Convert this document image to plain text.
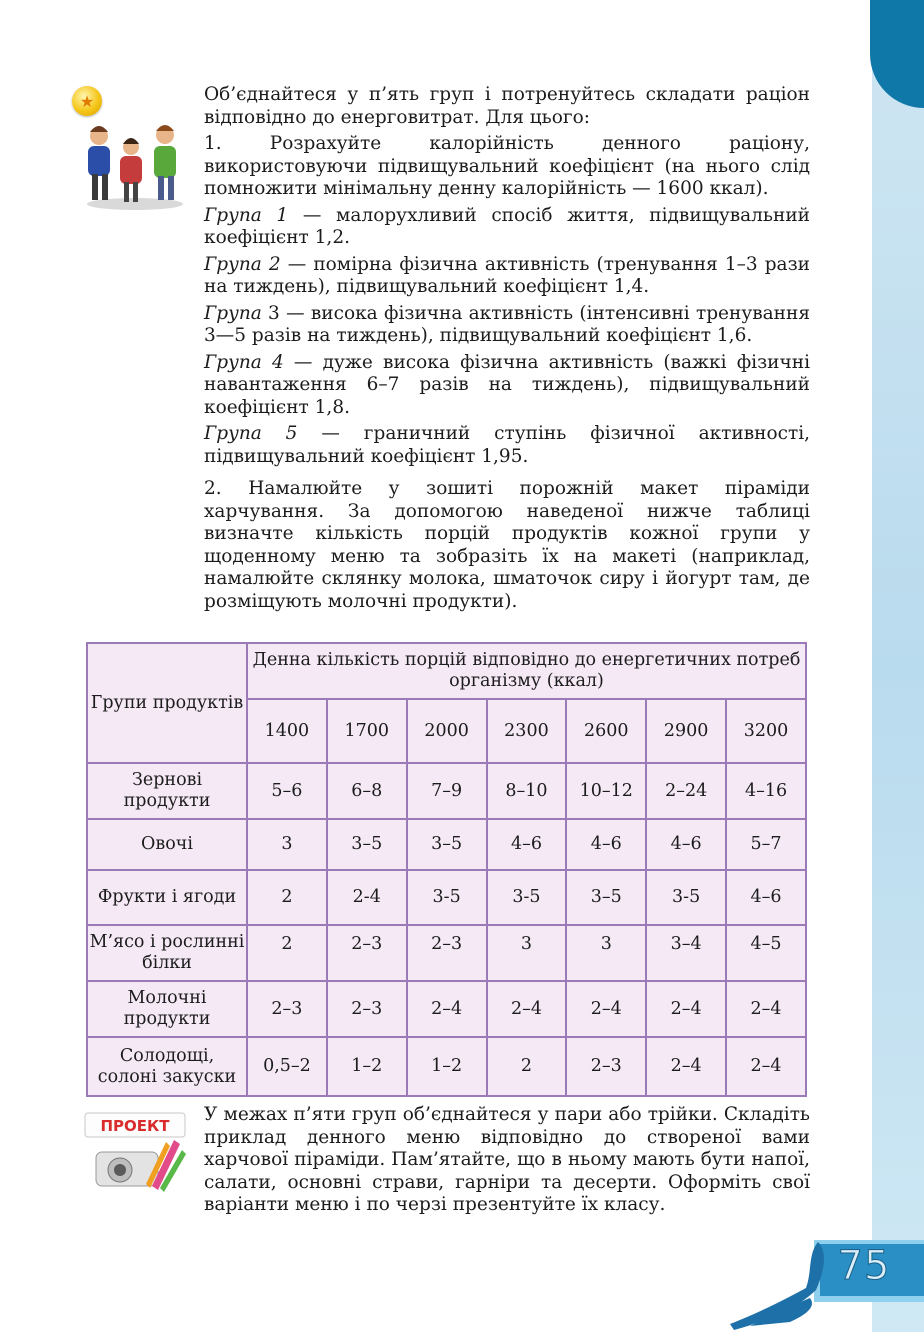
★	Об’єднайтеся у п’ять груп і потренуйтесь складати раціон відповідно до енерговитрат. Для цього:

1. Розрахуйте калорійність денного раціону, використовуючи підвищувальний коефіцієнт (на нього слід помножити мінімальну денну калорійність — 1600 ккал).

Група 1 — малорухливий спосіб життя, підвищувальний коефіцієнт 1,2.

Група 2 — помірна фізична активність (тренування 1–3 рази на тиждень), підвищувальний коефіцієнт 1,4.

Група 3 — висока фізична активність (інтенсивні тренування 3—5 разів на тиждень), підвищувальний коефіцієнт 1,6.

Група 4 — дуже висока фізична активність (важкі фізичні навантаження 6–7 разів на тиждень), підвищувальний коефіцієнт 1,8.

Група 5 — граничний ступінь фізичної активності, підвищувальний коефіцієнт 1,95.

2. Намалюйте у зошиті порожній макет піраміди харчування. За допомогою наведеної нижче таблиці визначте кількість порцій продуктів кожної групи у щоденному меню та зобразіть їх на макеті (наприклад, намалюйте склянку молока, шматочок сиру і йогурт там, де розміщують молочні продукти).

Групи продуктів	Денна кількість порцій відповідно до енергетичних потреб організму (ккал)						
	1400	1700	2000	2300	2600	2900	3200
Зернові продукти	5–6	6–8	7–9	8–10	10–12	2–24	4–16
Овочі	3	3–5	3–5	4–6	4–6	4–6	5–7
Фрукти і ягоди	2	2-4	3-5	3-5	3–5	3-5	4–6
М’ясо і рослинні білки	2	2–3	2–3	3	3	3–4	4–5
Молочні продукти	2–3	2–3	2–4	2–4	2–4	2–4	2–4
Солодощі, солоні закуски	0,5–2	1–2	1–2	2	2–3	2–4	2–4
ПРОЕКТ

У межах п’яти груп об’єднайтеся у пари або трійки. Складіть приклад денного меню відповідно до створеної вами харчової піраміди. Пам’ятайте, що в ньому мають бути напої, салати, основні страви, гарніри та десерти. Оформіть свої варіанти меню і по черзі презентуйте їх класу.

75
